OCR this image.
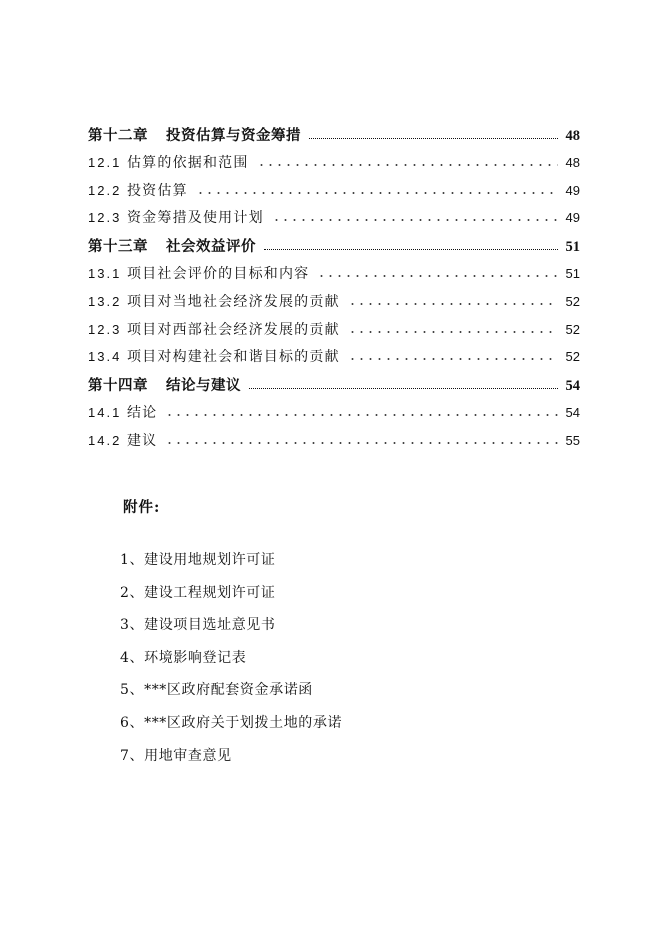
第十二章 投资估算与资金筹措	48
12.1 估算的依据和范围	48
12.2 投资估算	49
12.3 资金筹措及使用计划	49
第十三章 社会效益评价	51
13.1 项目社会评价的目标和内容	51
13.2 项目对当地社会经济发展的贡献	52
12.3 项目对西部社会经济发展的贡献	52
13.4 项目对构建社会和谐目标的贡献	52
第十四章 结论与建议	54
14.1 结论	54
14.2 建议	55
附件:
1、建设用地规划许可证
2、建设工程规划许可证
3、建设项目选址意见书
4、环境影响登记表
5、***区政府配套资金承诺函
6、***区政府关于划拨土地的承诺
7、用地审查意见
